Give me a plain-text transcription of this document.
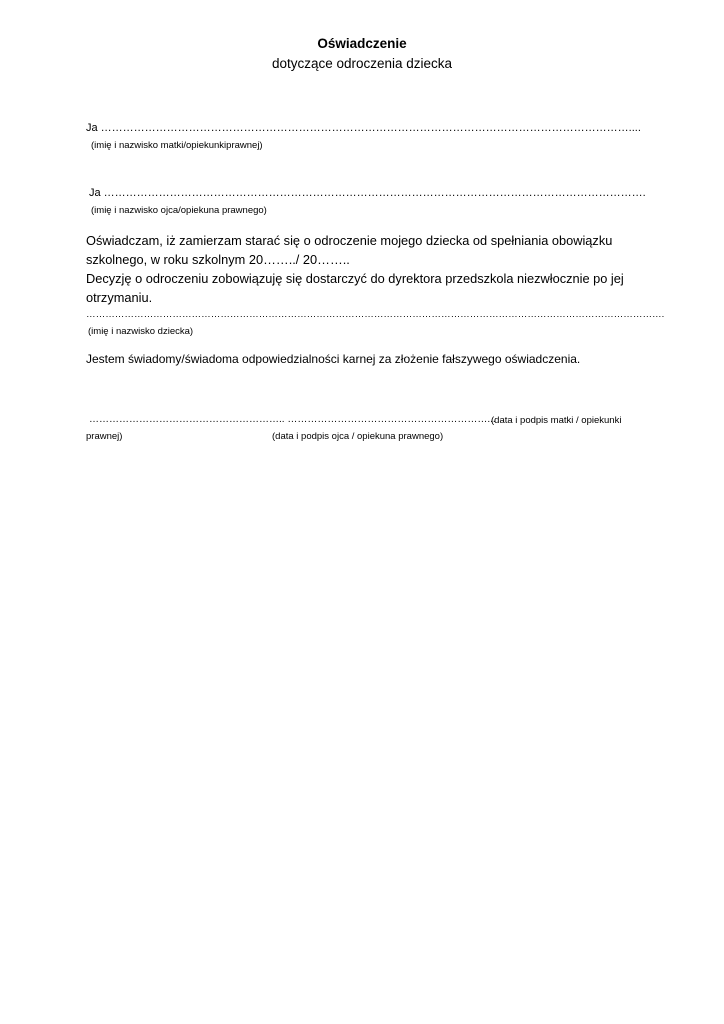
Oświadczenie
dotyczące odroczenia dziecka
Ja ………………………………………………………………………………………………………………………………....
(imię i nazwisko matki/opiekunkiprawnej)
Ja ………………………………………………………………………………………………………………………………….
(imię i nazwisko ojca/opiekuna prawnego)
Oświadczam, iż zamierzam starać się o odroczenie mojego dziecka od spełniania obowiązku
szkolnego, w roku szkolnym 20……../ 20……..
Decyzję o odroczeniu zobowiązuję się dostarczyć do dyrektora przedszkola niezwłocznie po jej
otrzymaniu.
……………………………………………………………………………………………………………………………………………………………….
(imię i nazwisko dziecka)
Jestem świadomy/świadoma odpowiedzialności karnej za złożenie fałszywego oświadczenia.
………………………………………………….. ……………………………………………………...
(data i podpis matki / opiekunki
prawnej)	(data i podpis ojca / opiekuna prawnego)
